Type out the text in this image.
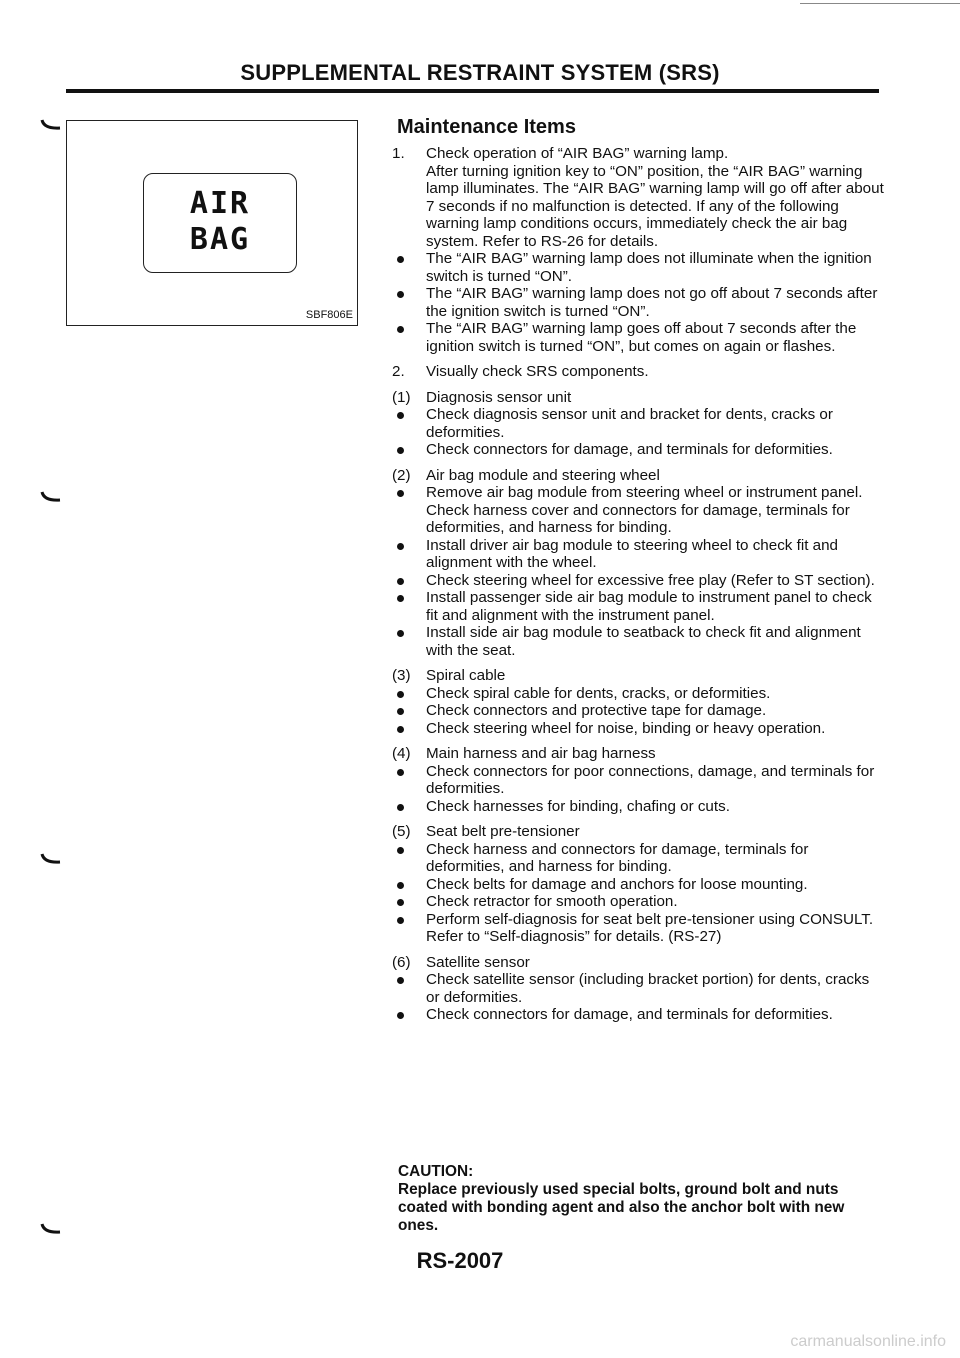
SUPPLEMENTAL RESTRAINT SYSTEM (SRS)
AIR
BAG
SBF806E
Maintenance Items
1. Check operation of “AIR BAG” warning lamp.
After turning ignition key to “ON” position, the “AIR BAG” warning lamp illuminates. The “AIR BAG” warning lamp will go off after about 7 seconds if no malfunction is detected. If any of the following warning lamp conditions occurs, immediately check the air bag system. Refer to RS-26 for details.
The “AIR BAG” warning lamp does not illuminate when the ignition switch is turned “ON”.
The “AIR BAG” warning lamp does not go off about 7 seconds after the ignition switch is turned “ON”.
The “AIR BAG” warning lamp goes off about 7 seconds after the ignition switch is turned “ON”, but comes on again or flashes.
2. Visually check SRS components.
(1) Diagnosis sensor unit
Check diagnosis sensor unit and bracket for dents, cracks or deformities.
Check connectors for damage, and terminals for deformities.
(2) Air bag module and steering wheel
Remove air bag module from steering wheel or instrument panel. Check harness cover and connectors for damage, terminals for deformities, and harness for binding.
Install driver air bag module to steering wheel to check fit and alignment with the wheel.
Check steering wheel for excessive free play (Refer to ST section).
Install passenger side air bag module to instrument panel to check fit and alignment with the instrument panel.
Install side air bag module to seatback to check fit and alignment with the seat.
(3) Spiral cable
Check spiral cable for dents, cracks, or deformities.
Check connectors and protective tape for damage.
Check steering wheel for noise, binding or heavy operation.
(4) Main harness and air bag harness
Check connectors for poor connections, damage, and terminals for deformities.
Check harnesses for binding, chafing or cuts.
(5) Seat belt pre-tensioner
Check harness and connectors for damage, terminals for deformities, and harness for binding.
Check belts for damage and anchors for loose mounting.
Check retractor for smooth operation.
Perform self-diagnosis for seat belt pre-tensioner using CONSULT. Refer to “Self-diagnosis” for details. (RS-27)
(6) Satellite sensor
Check satellite sensor (including bracket portion) for dents, cracks or deformities.
Check connectors for damage, and terminals for deformities.
CAUTION:
Replace previously used special bolts, ground bolt and nuts coated with bonding agent and also the anchor bolt with new ones.
RS-2007
carmanualsonline.info
